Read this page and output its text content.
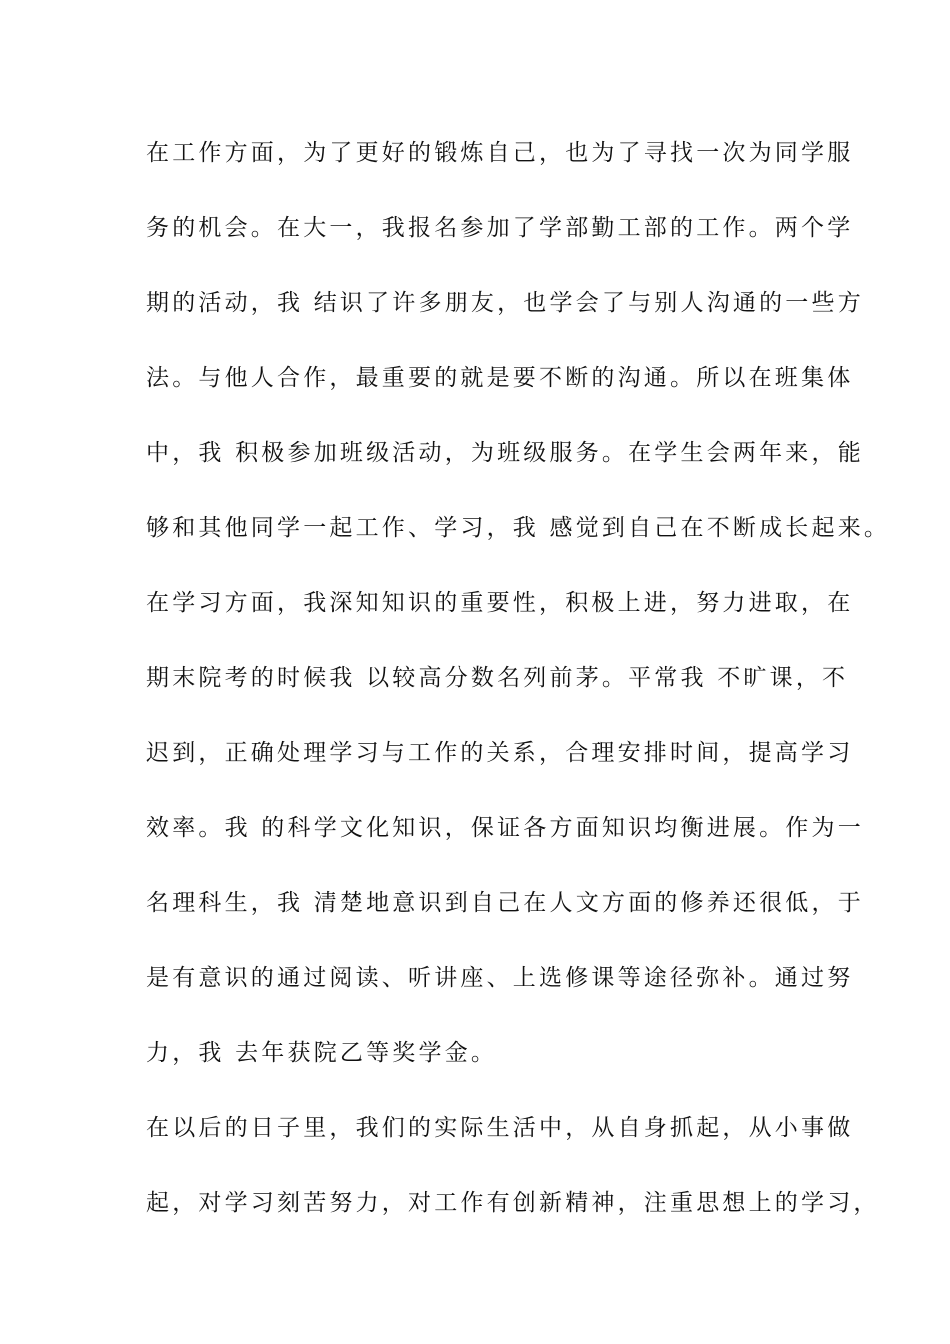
在工作方面，为了更好的锻炼自己，也为了寻找一次为同学服
务的机会。在大一，我报名参加了学部勤工部的工作。两个学
期的活动，我 结识了许多朋友，也学会了与别人沟通的一些方
法。与他人合作，最重要的就是要不断的沟通。所以在班集体
中，我 积极参加班级活动，为班级服务。在学生会两年来，能
够和其他同学一起工作、学习，我 感觉到自己在不断成长起来。
在学习方面，我深知知识的重要性，积极上进，努力进取，在
期末院考的时候我 以较高分数名列前茅。平常我 不旷课，不
迟到，正确处理学习与工作的关系，合理安排时间，提高学习
效率。我 的科学文化知识，保证各方面知识均衡进展。作为一
名理科生，我 清楚地意识到自己在人文方面的修养还很低，于
是有意识的通过阅读、听讲座、上选修课等途径弥补。通过努
力，我 去年获院乙等奖学金。
在以后的日子里，我们的实际生活中，从自身抓起，从小事做
起，对学习刻苦努力，对工作有创新精神，注重思想上的学习，
